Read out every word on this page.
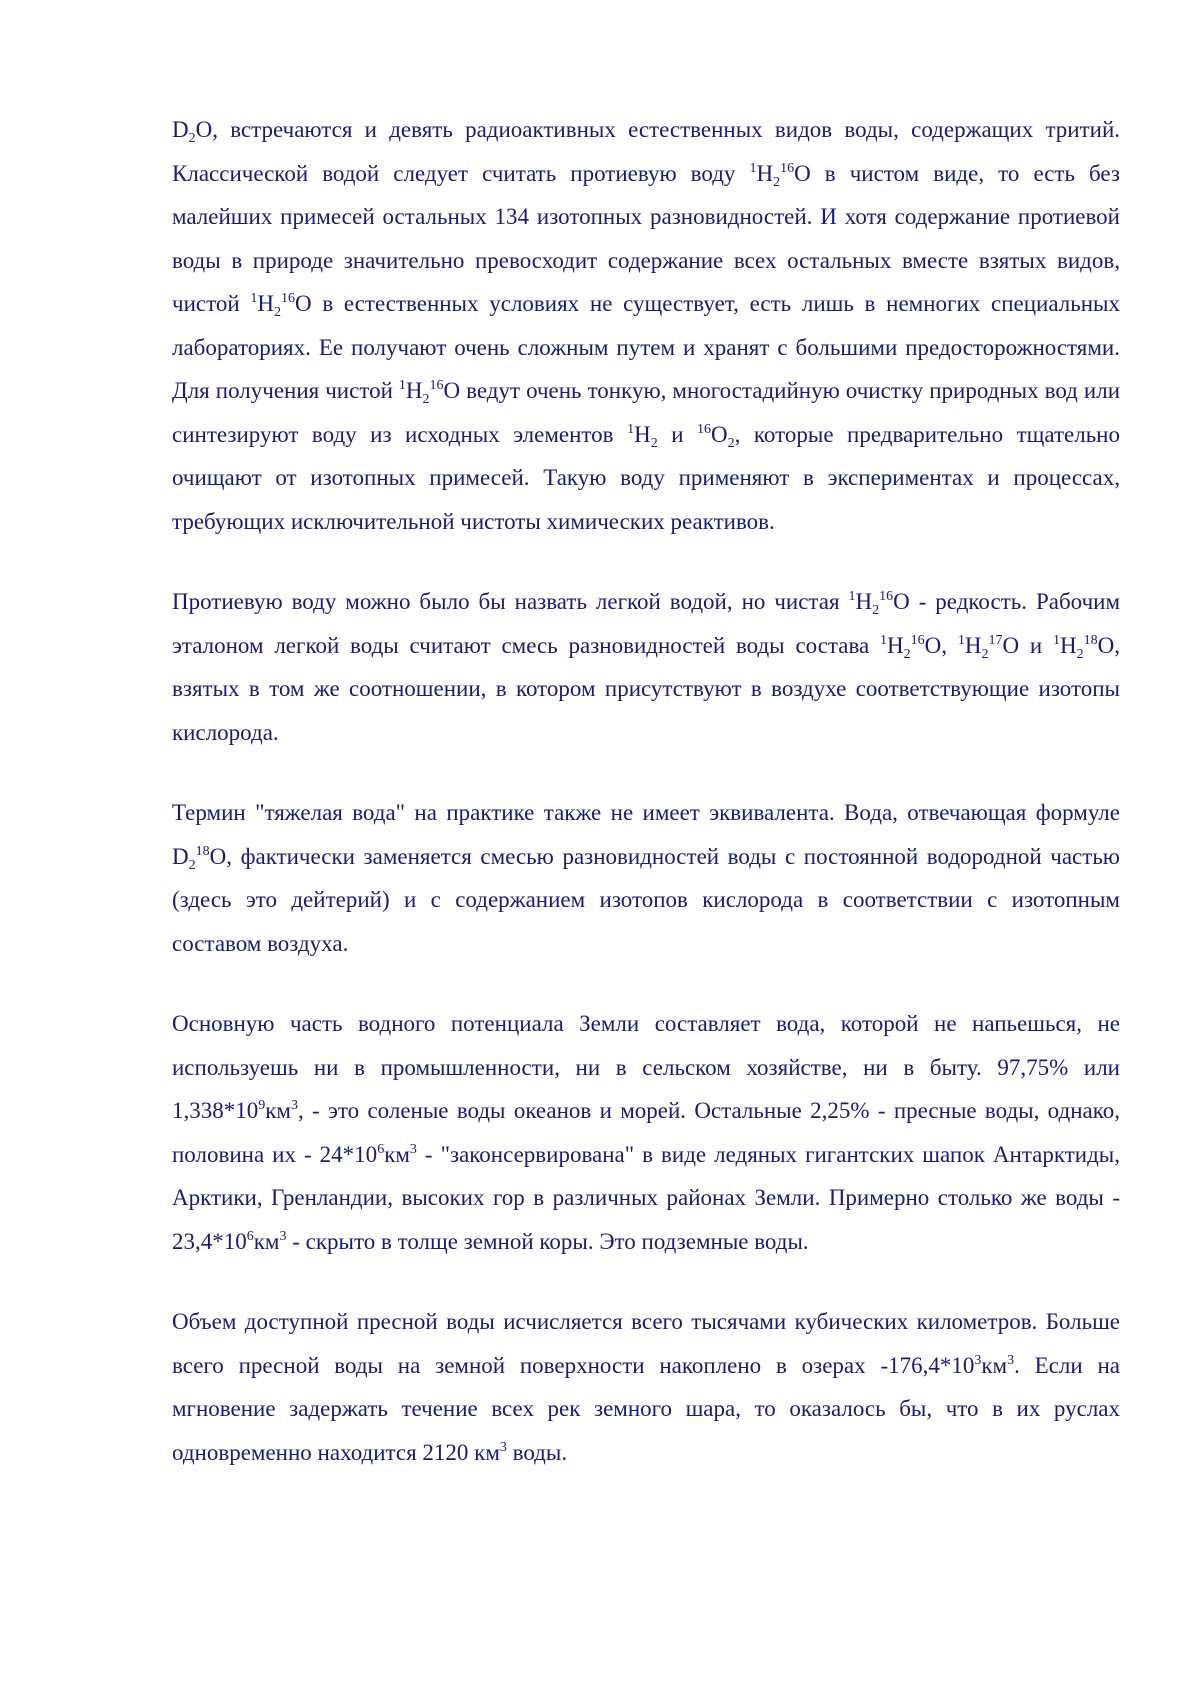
$D_2O$, встречаются и девять радиоактивных естественных видов воды, содержащих тритий. Классической водой следует считать протиевую воду $^1H_2^{16}O$ в чистом виде, то есть без малейших примесей остальных 134 изотопных разновидностей. И хотя содержание протиевой воды в природе значительно превосходит содержание всех остальных вместе взятых видов, чистой $^1H_2^{16}O$ в естественных условиях не существует, есть лишь в немногих специальных лабораториях. Ее получают очень сложным путем и хранят с большими предосторожностями. Для получения чистой $^1H_2^{16}O$ ведут очень тонкую, многостадийную очистку природных вод или синтезируют воду из исходных элементов $^1H_2$ и $^{16}O_2$, которые предварительно тщательно очищают от изотопных примесей. Такую воду применяют в экспериментах и процессах, требующих исключительной чистоты химических реактивов.

Протиевую воду можно было бы назвать легкой водой, но чистая $^1H_2^{16}O$ - редкость. Рабочим эталоном легкой воды считают смесь разновидностей воды состава $^1H_2^{16}O$, $^1H_2^{17}O$ и $^1H_2^{18}O$, взятых в том же соотношении, в котором присутствуют в воздухе соответствующие изотопы кислорода.

Термин "тяжелая вода" на практике также не имеет эквивалента. Вода, отвечающая формуле $D_2^{18}O$, фактически заменяется смесью разновидностей воды с постоянной водородной частью (здесь это дейтерий) и с содержанием изотопов кислорода в соответствии с изотопным составом воздуха.

Основную часть водного потенциала Земли составляет вода, которой не напьешься, не используешь ни в промышленности, ни в сельском хозяйстве, ни в быту. 97,75% или $1,338*10^9км^3$, - это соленые воды океанов и морей. Остальные 2,25% - пресные воды, однако, половина их - $24*10^6км^3$ - "законсервирована" в виде ледяных гигантских шапок Антарктиды, Арктики, Гренландии, высоких гор в различных районах Земли. Примерно столько же воды - $23,4*10^6км^3$ - скрыто в толще земной коры. Это подземные воды.

Объем доступной пресной воды исчисляется всего тысячами кубических километров. Больше всего пресной воды на земной поверхности накоплено в озерах $-176,4*10^3км^3$. Если на мгновение задержать течение всех рек земного шара, то оказалось бы, что в их руслах одновременно находится 2120 $км^3$ воды.
